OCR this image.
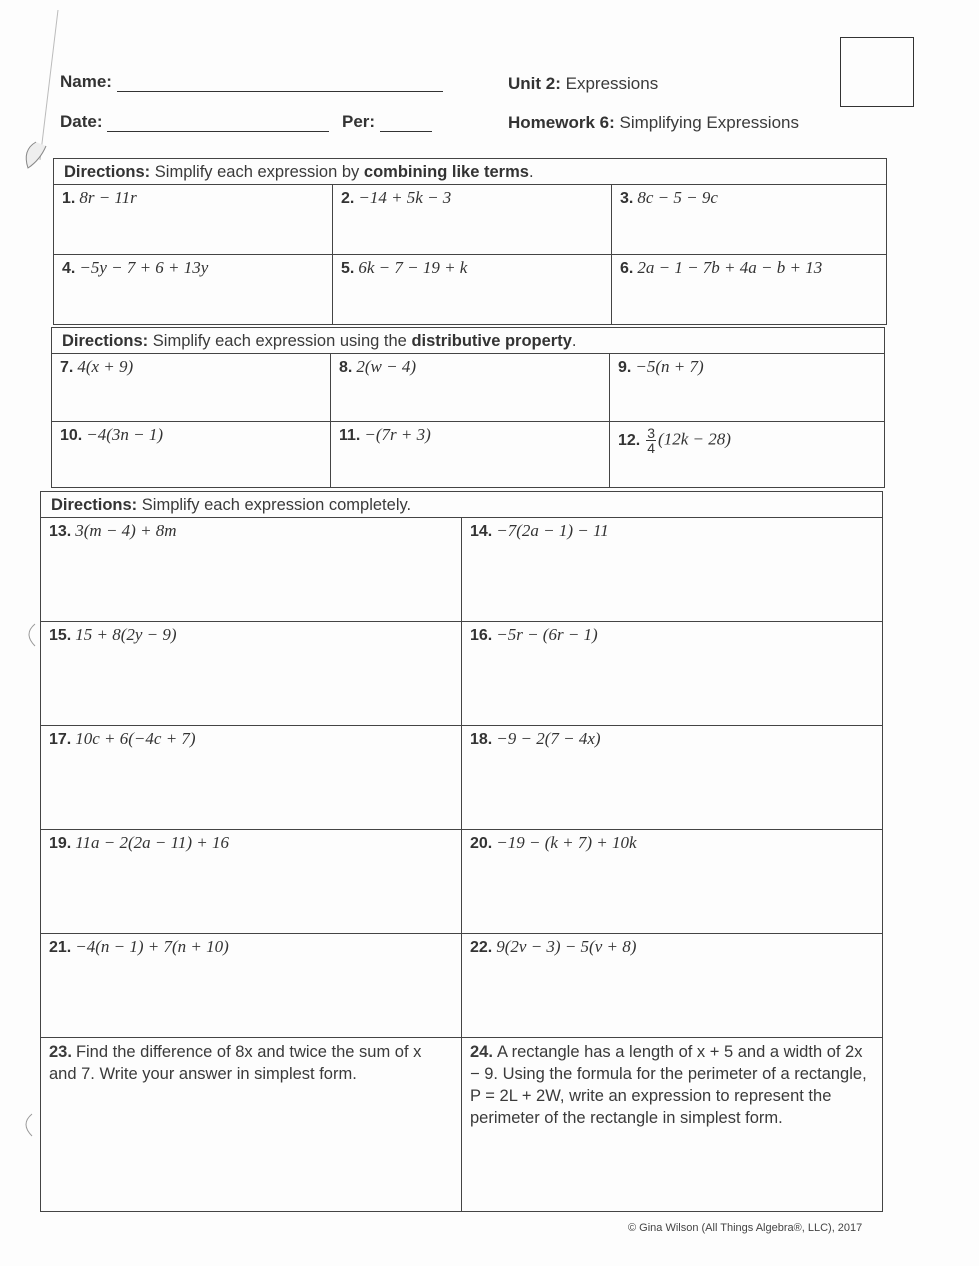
Name:
Date:	Per:
Unit 2: Expressions
Homework 6: Simplifying Expressions
Directions: Simplify each expression by combining like terms.		
1. 8r − 11r	2. −14 + 5k − 3	3. 8c − 5 − 9c
4. −5y − 7 + 6 + 13y	5. 6k − 7 − 19 + k	6. 2a − 1 − 7b + 4a − b + 13
Directions: Simplify each expression using the distributive property.		
7. 4(x + 9)	8. 2(w − 4)	9. −5(n + 7)
10. −4(3n − 1)	11. −(7r + 3)	12. $\frac{3}{4} (12k - 28)$
Directions: Simplify each expression completely.	
13. 3(m − 4) + 8m	14. −7(2a − 1) − 11
15. 15 + 8(2y − 9)	16. −5r − (6r − 1)
17. 10c + 6(−4c + 7)	18. −9 − 2(7 − 4x)
19. 11a − 2(2a − 11) + 16	20. −19 − (k + 7) + 10k
21. −4(n − 1) + 7(n + 10)	22. 9(2v − 3) − 5(v + 8)
23. Find the difference of 8x and twice the sum of x and 7. Write your answer in simplest form.	24. A rectangle has a length of x + 5 and a width of 2x − 9. Using the formula for the perimeter of a rectangle, P = 2L + 2W, write an expression to represent the perimeter of the rectangle in simplest form.
© Gina Wilson (All Things Algebra®, LLC), 2017
